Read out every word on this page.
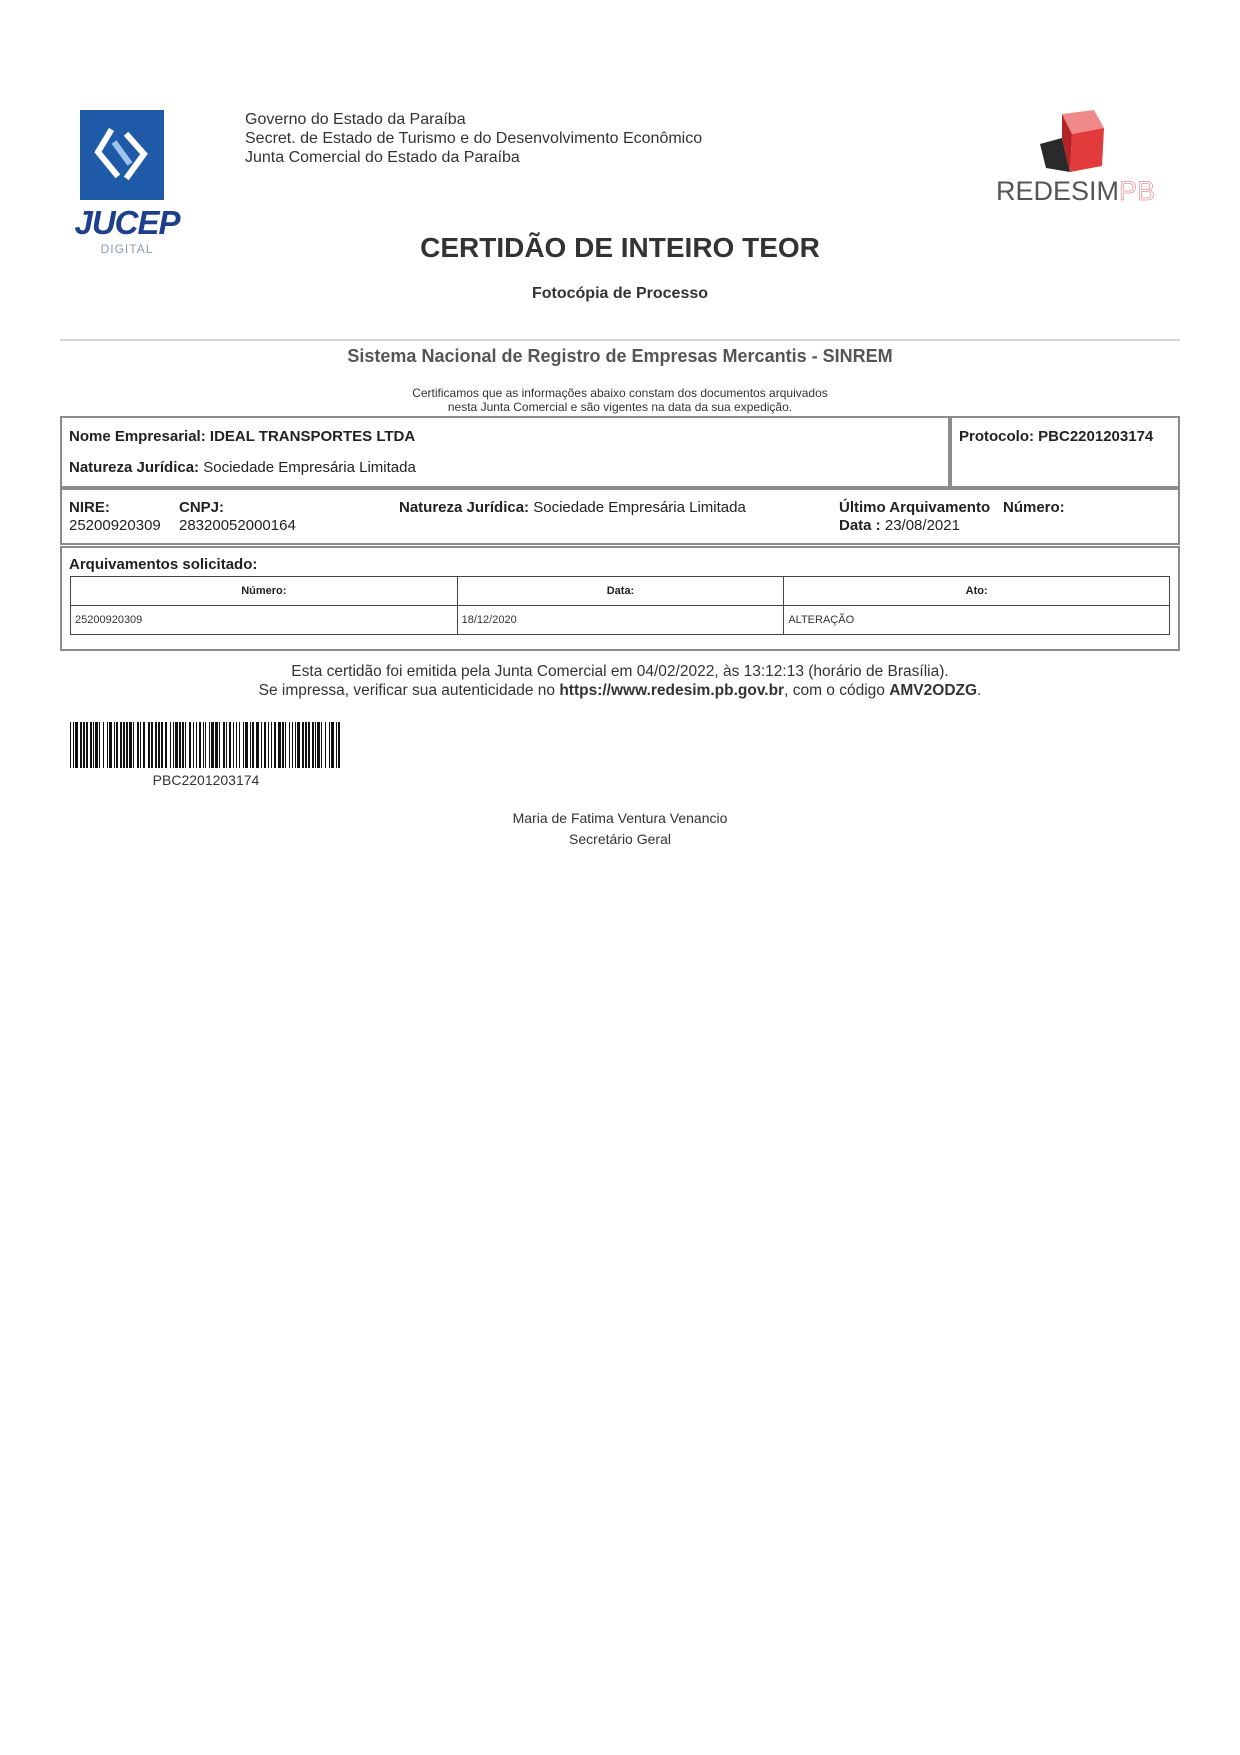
JUCEP
DIGITAL
Governo do Estado da Paraíba
Secret. de Estado de Turismo e do Desenvolvimento Econômico
Junta Comercial do Estado da Paraíba
REDESIMPB
CERTIDÃO DE INTEIRO TEOR
Fotocópia de Processo
Sistema Nacional de Registro de Empresas Mercantis - SINREM
Certificamos que as informações abaixo constam dos documentos arquivados
nesta Junta Comercial e são vigentes na data da sua expedição.
Nome Empresarial: IDEAL TRANSPORTES LTDA
Natureza Jurídica: Sociedade Empresária Limitada
Protocolo: PBC2201203174
NIRE:
25200920309
CNPJ:
28320052000164
Natureza Jurídica: Sociedade Empresária Limitada	Último Arquivamento
Data : 23/08/2021
Número:
Arquivamentos solicitado:
Número:	Data:	Ato:
25200920309	18/12/2020	ALTERAÇÃO
Esta certidão foi emitida pela Junta Comercial em 04/02/2022, às 13:12:13 (horário de Brasília).
Se impressa, verificar sua autenticidade no https://www.redesim.pb.gov.br, com o código AMV2ODZG.
PBC2201203174
Maria de Fatima Ventura Venancio
Secretário Geral
